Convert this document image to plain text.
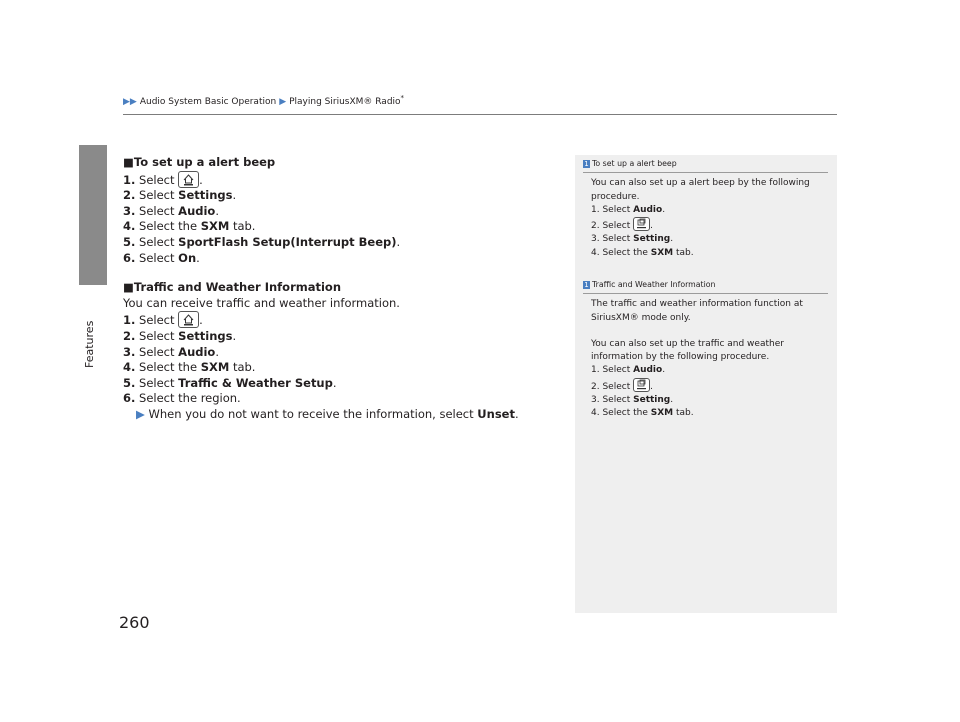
Features
▶▶ Audio System Basic Operation ▶ Playing SiriusXM® Radio*

■To set up a alert beep

1. Select .

2. Select Settings.

3. Select Audio.

4. Select the SXM tab.

5. Select SportFlash Setup(Interrupt Beep).

6. Select On.

■Traffic and Weather Information

You can receive traffic and weather information.

1. Select .

2. Select Settings.

3. Select Audio.

4. Select the SXM tab.

5. Select Traffic & Weather Setup.

6. Select the region.

▶ When you do not want to receive the information, select Unset.

1 To set up a alert beep

You can also set up a alert beep by the following procedure.

1. Select Audio.

2. Select .

3. Select Setting.

4. Select the SXM tab.

1 Traffic and Weather Information

The traffic and weather information function at SiriusXM® mode only.

You can also set up the traffic and weather information by the following procedure.

1. Select Audio.

2. Select .

3. Select Setting.

4. Select the SXM tab.

260
